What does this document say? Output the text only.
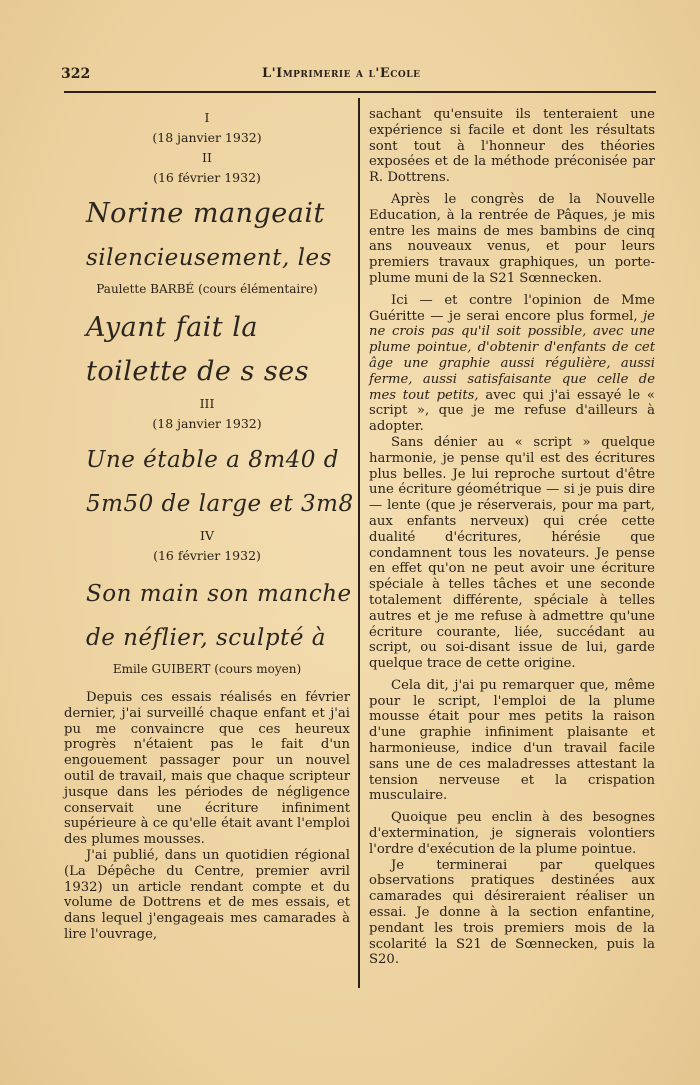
322	L'Imprimerie a l'Ecole
I
(18 janvier 1932)
II
(16 février 1932)
Norine mangeait
silencieusement, les
Paulette BARBÉ (cours élémentaire)
Ayant fait la
toilette de s ses
III
(18 janvier 1932)
Une étable a 8m40 d
5m50 de large et 3m8
IV
(16 février 1932)
Son main son manche
de néflier, sculpté à
Emile GUIBERT (cours moyen)

Depuis ces essais réalisés en février dernier, j'ai surveillé chaque enfant et j'ai pu me convaincre que ces heureux progrès n'étaient pas le fait d'un engouement passager pour un nouvel outil de travail, mais que chaque scripteur jusque dans les périodes de négligence conservait une écriture infiniment supérieure à ce qu'elle était avant l'emploi des plumes mousses.

J'ai publié, dans un quotidien régional (La Dépêche du Centre, premier avril 1932) un article rendant compte et du volume de Dottrens et de mes essais, et dans lequel j'engageais mes camarades à lire l'ouvrage,

sachant qu'ensuite ils tenteraient une expérience si facile et dont les résultats sont tout à l'honneur des théories exposées et de la méthode préconisée par R. Dottrens.

Après le congrès de la Nouvelle Education, à la rentrée de Pâques, je mis entre les mains de mes bambins de cinq ans nouveaux venus, et pour leurs premiers travaux graphiques, un porte-plume muni de la S21 Sœnnecken.

Ici — et contre l'opinion de Mme Guéritte — je serai encore plus formel, je ne crois pas qu'il soit possible, avec une plume pointue, d'obtenir d'enfants de cet âge une graphie aussi régulière, aussi ferme, aussi satisfaisante que celle de mes tout petits, avec qui j'ai essayé le « script », que je me refuse d'ailleurs à adopter.

Sans dénier au « script » quelque harmonie, je pense qu'il est des écritures plus belles. Je lui reproche surtout d'être une écriture géométrique — si je puis dire — lente (que je réserverais, pour ma part, aux enfants nerveux) qui crée cette dualité d'écritures, hérésie que condamnent tous les novateurs. Je pense en effet qu'on ne peut avoir une écriture spéciale à telles tâches et une seconde totalement différente, spéciale à telles autres et je me refuse à admettre qu'une écriture courante, liée, succédant au script, ou soi-disant issue de lui, garde quelque trace de cette origine.

Cela dit, j'ai pu remarquer que, même pour le script, l'emploi de la plume mousse était pour mes petits la raison d'une graphie infiniment plaisante et harmonieuse, indice d'un travail facile sans une de ces maladresses attestant la tension nerveuse et la crispation musculaire.

Quoique peu enclin à des besognes d'extermination, je signerais volontiers l'ordre d'exécution de la plume pointue.

Je terminerai par quelques observations pratiques destinées aux camarades qui désireraient réaliser un essai. Je donne à la section enfantine, pendant les trois premiers mois de la scolarité la S21 de Sœnnecken, puis la S20.
